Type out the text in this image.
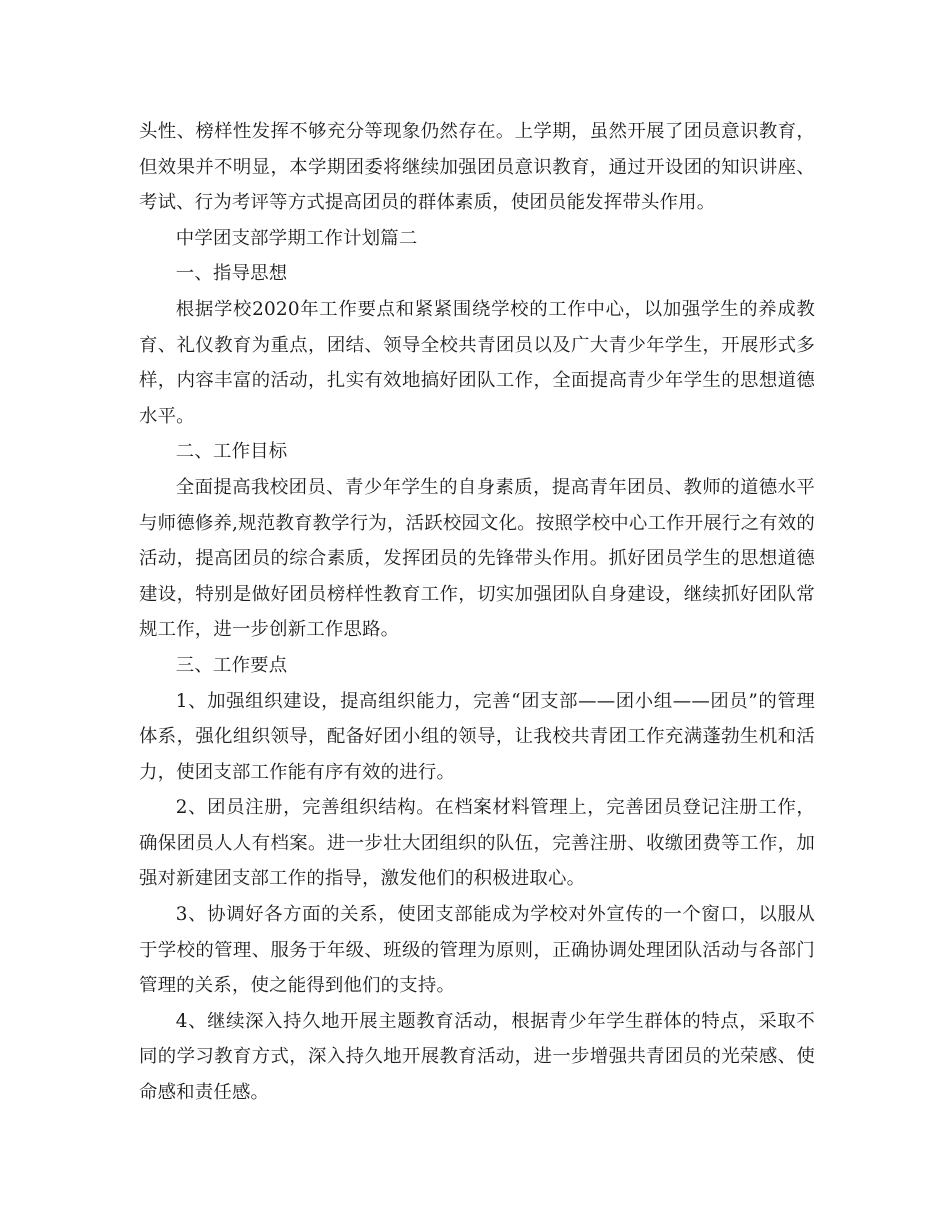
头性、榜样性发挥不够充分等现象仍然存在。上学期，虽然开展了团员意识教育，但效果并不明显，本学期团委将继续加强团员意识教育，通过开设团的知识讲座、考试、行为考评等方式提高团员的群体素质，使团员能发挥带头作用。

中学团支部学期工作计划篇二

一、指导思想

根据学校2020年工作要点和紧紧围绕学校的工作中心，以加强学生的养成教育、礼仪教育为重点，团结、领导全校共青团员以及广大青少年学生，开展形式多样，内容丰富的活动，扎实有效地搞好团队工作，全面提高青少年学生的思想道德水平。

二、工作目标

全面提高我校团员、青少年学生的自身素质，提高青年团员、教师的道德水平与师德修养,规范教育教学行为，活跃校园文化。按照学校中心工作开展行之有效的活动，提高团员的综合素质，发挥团员的先锋带头作用。抓好团员学生的思想道德建设，特别是做好团员榜样性教育工作，切实加强团队自身建设，继续抓好团队常规工作，进一步创新工作思路。

三、工作要点

1、加强组织建设，提高组织能力，完善“团支部——团小组——团员”的管理体系，强化组织领导，配备好团小组的领导，让我校共青团工作充满蓬勃生机和活力，使团支部工作能有序有效的进行。

2、团员注册，完善组织结构。在档案材料管理上，完善团员登记注册工作，确保团员人人有档案。进一步壮大团组织的队伍，完善注册、收缴团费等工作，加强对新建团支部工作的指导，激发他们的积极进取心。

3、协调好各方面的关系，使团支部能成为学校对外宣传的一个窗口，以服从于学校的管理、服务于年级、班级的管理为原则，正确协调处理团队活动与各部门管理的关系，使之能得到他们的支持。

4、继续深入持久地开展主题教育活动，根据青少年学生群体的特点，采取不同的学习教育方式，深入持久地开展教育活动，进一步增强共青团员的光荣感、使命感和责任感。
